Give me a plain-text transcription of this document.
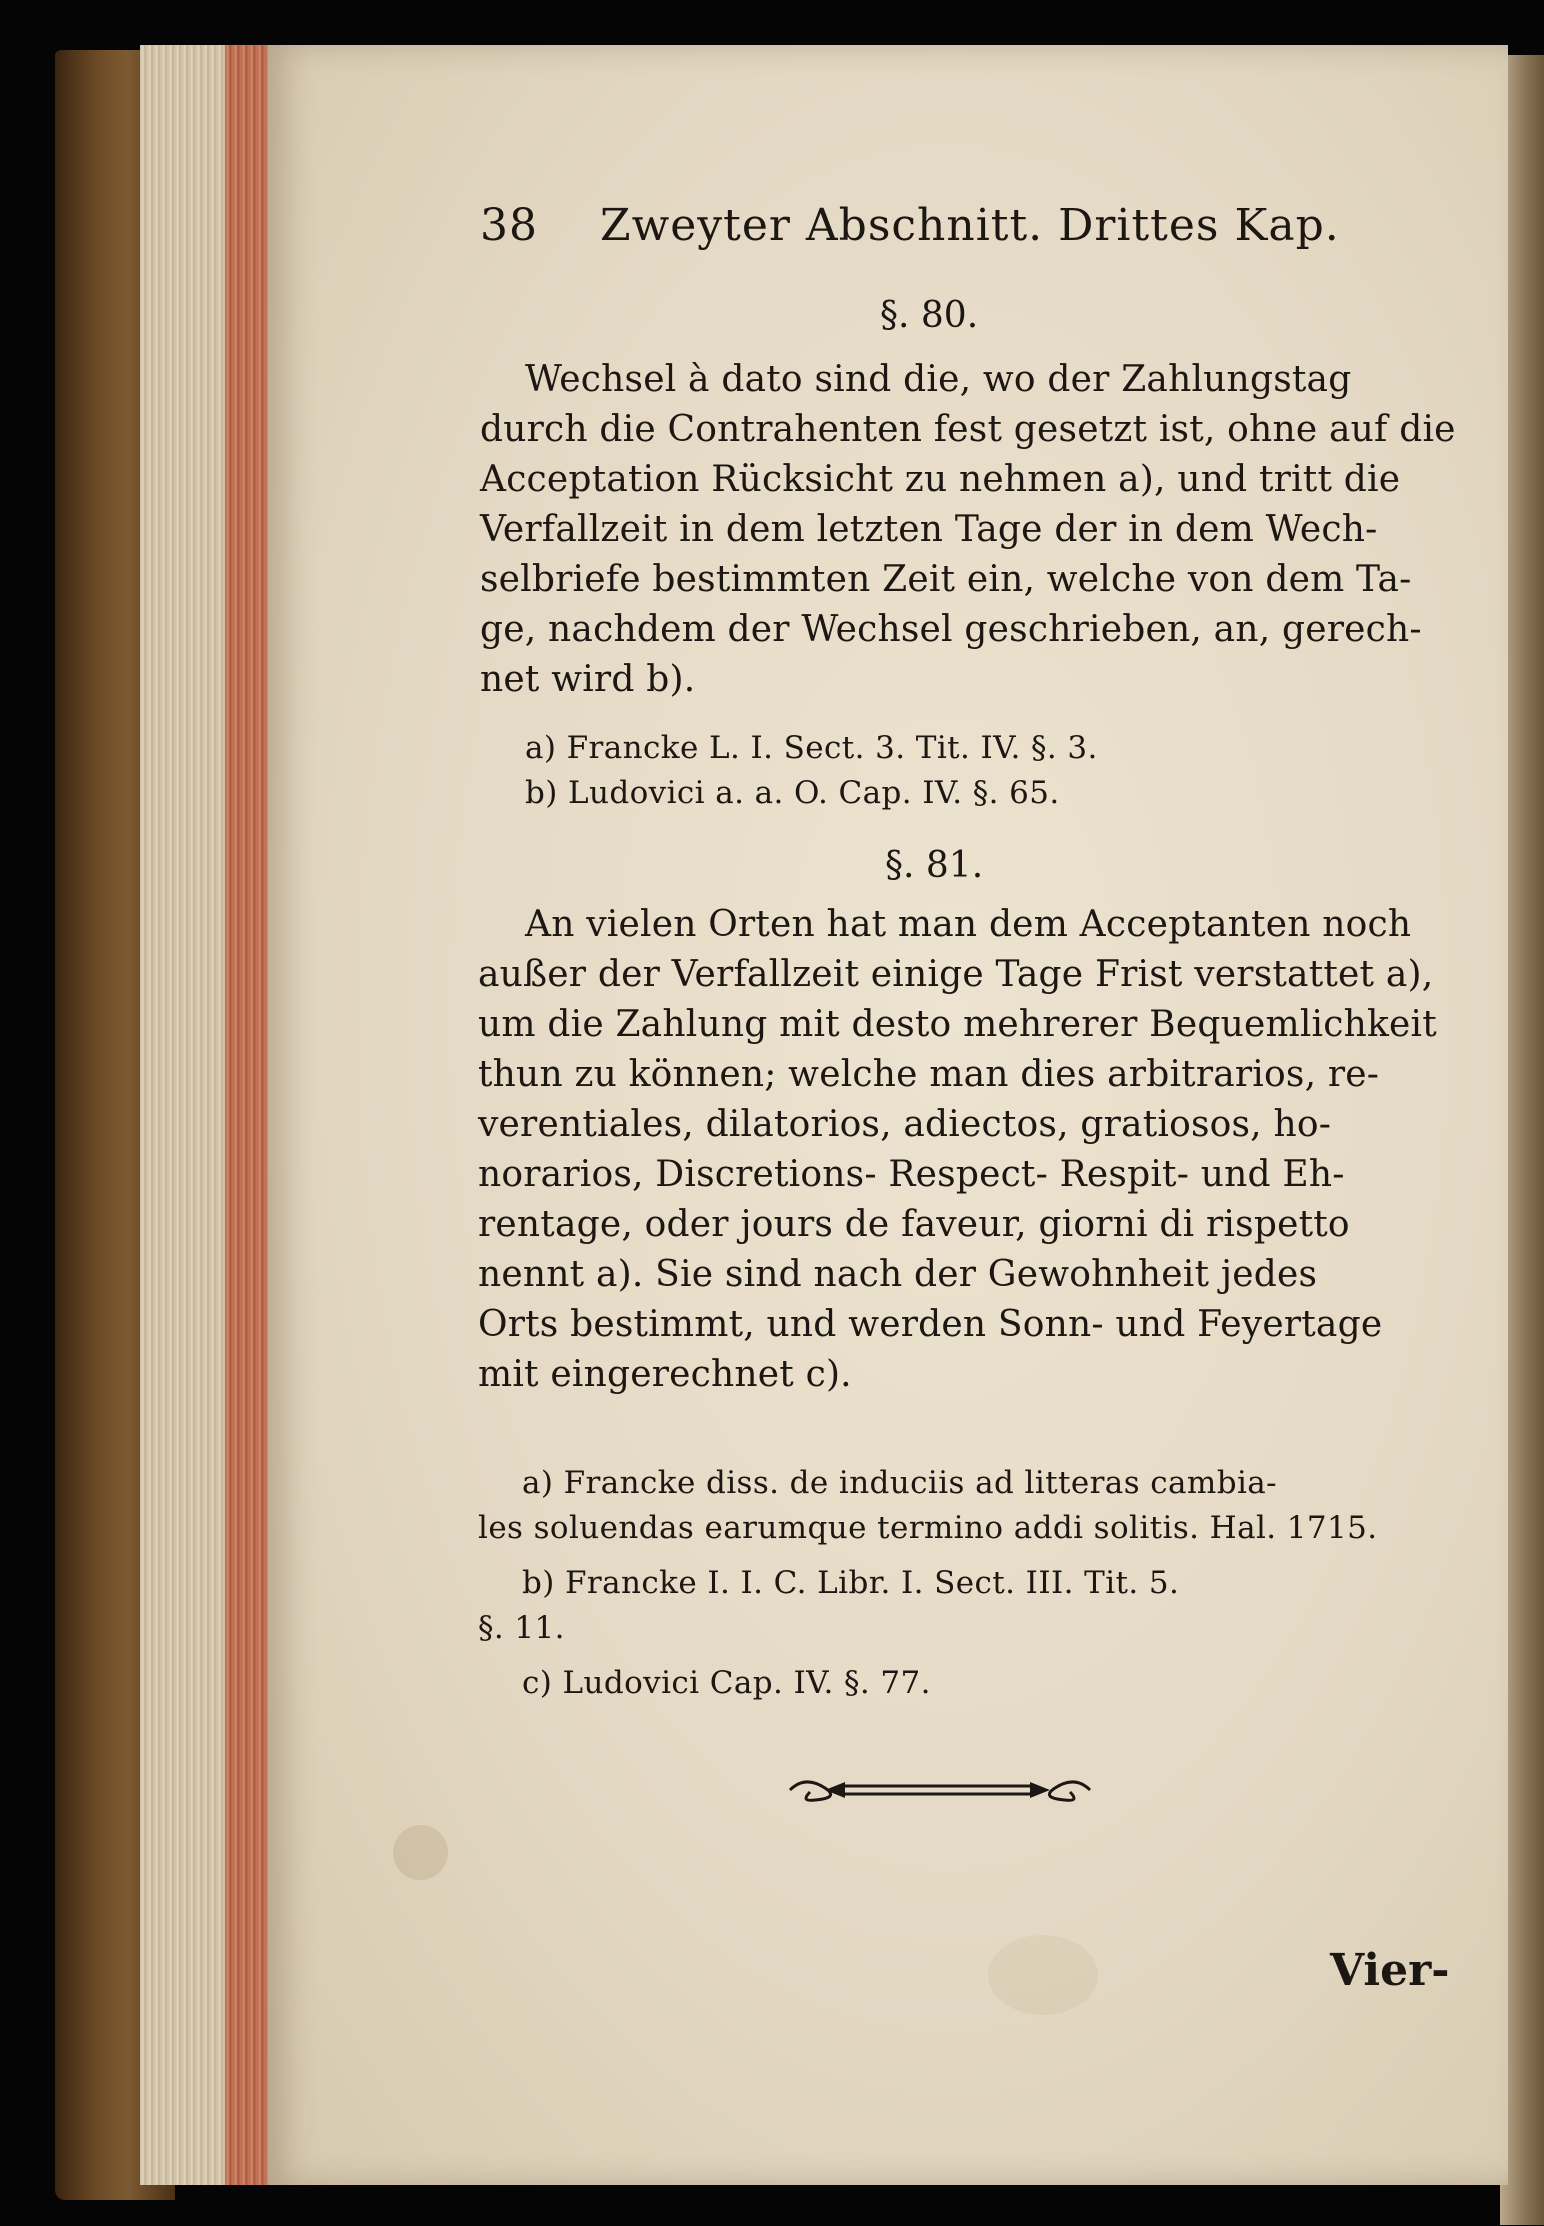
38 Zweyter Abschnitt. Drittes Kap.
§. 80.
Wechsel à dato sind die, wo der Zahlungstag
durch die Contrahenten fest gesetzt ist, ohne auf die
Acceptation Rücksicht zu nehmen a), und tritt die
Verfallzeit in dem letzten Tage der in dem Wech-
selbriefe bestimmten Zeit ein, welche von dem Ta-
ge, nachdem der Wechsel geschrieben, an, gerech-
net wird b).
a) Francke L. I. Sect. 3. Tit. IV. §. 3.
b) Ludovici a. a. O. Cap. IV. §. 65.
§. 81.
An vielen Orten hat man dem Acceptanten noch
außer der Verfallzeit einige Tage Frist verstattet a),
um die Zahlung mit desto mehrerer Bequemlichkeit
thun zu können; welche man dies arbitrarios, re-
verentiales, dilatorios, adiectos, gratiosos, ho-
norarios, Discretions- Respect- Respit- und Eh-
rentage, oder jours de faveur, giorni di rispetto
nennt a). Sie sind nach der Gewohnheit jedes
Orts bestimmt, und werden Sonn- und Feyertage
mit eingerechnet c).
a) Francke diss. de induciis ad litteras cambia-
les soluendas earumque termino addi solitis. Hal. 1715.
b) Francke I. I. C. Libr. I. Sect. III. Tit. 5.
§. 11.
c) Ludovici Cap. IV. §. 77.
Vier-
